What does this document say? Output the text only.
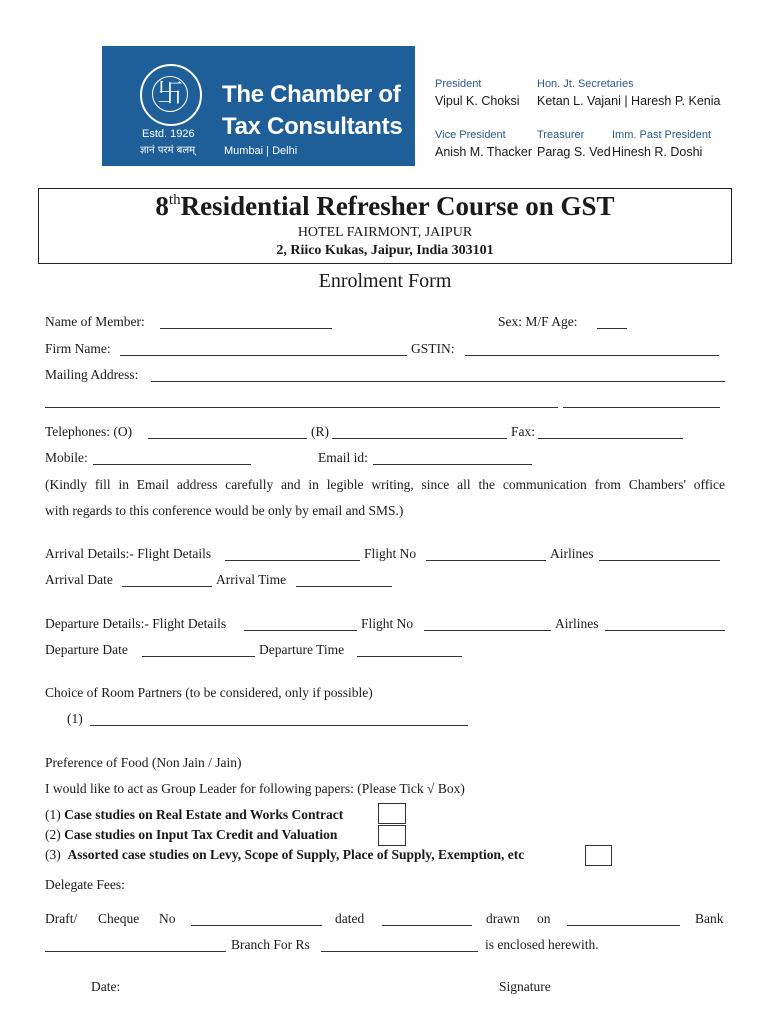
卐
Estd. 1926
ज्ञानं परमं बलम्
The Chamber of
Tax Consultants
Mumbai | Delhi
President
Vipul K. Choksi
Hon. Jt. Secretaries
Ketan L. Vajani | Haresh P. Kenia
Vice President
Anish M. Thacker
Treasurer
Parag S. Ved
Imm. Past President
Hinesh R. Doshi
8thResidential Refresher Course on GST
HOTEL FAIRMONT, JAIPUR
2, Riico Kukas, Jaipur, India 303101
Enrolment Form
Name of Member:	Sex: M/F Age:
Firm Name:	GSTIN:
Mailing Address:
Telephones: (O)	(R)	Fax:
Mobile:	Email id:
(Kindly fill in Email address carefully and in legible writing, since all the communication from Chambers' office
with regards to this conference would be only by email and SMS.)
Arrival Details:- Flight Details	Flight No	Airlines
Arrival Date	Arrival Time
Departure Details:- Flight Details	Flight No	Airlines
Departure Date	Departure Time
Choice of Room Partners (to be considered, only if possible)
(1)
Preference of Food (Non Jain / Jain)
I would like to act as Group Leader for following papers: (Please Tick √ Box)
(1) Case studies on Real Estate and Works Contract
(2) Case studies on Input Tax Credit and Valuation
(3) Assorted case studies on Levy, Scope of Supply, Place of Supply, Exemption, etc
Delegate Fees:
Draft/ Cheque No	dated	drawn on	Bank
Branch For Rs	is enclosed herewith.
Date:	Signature
